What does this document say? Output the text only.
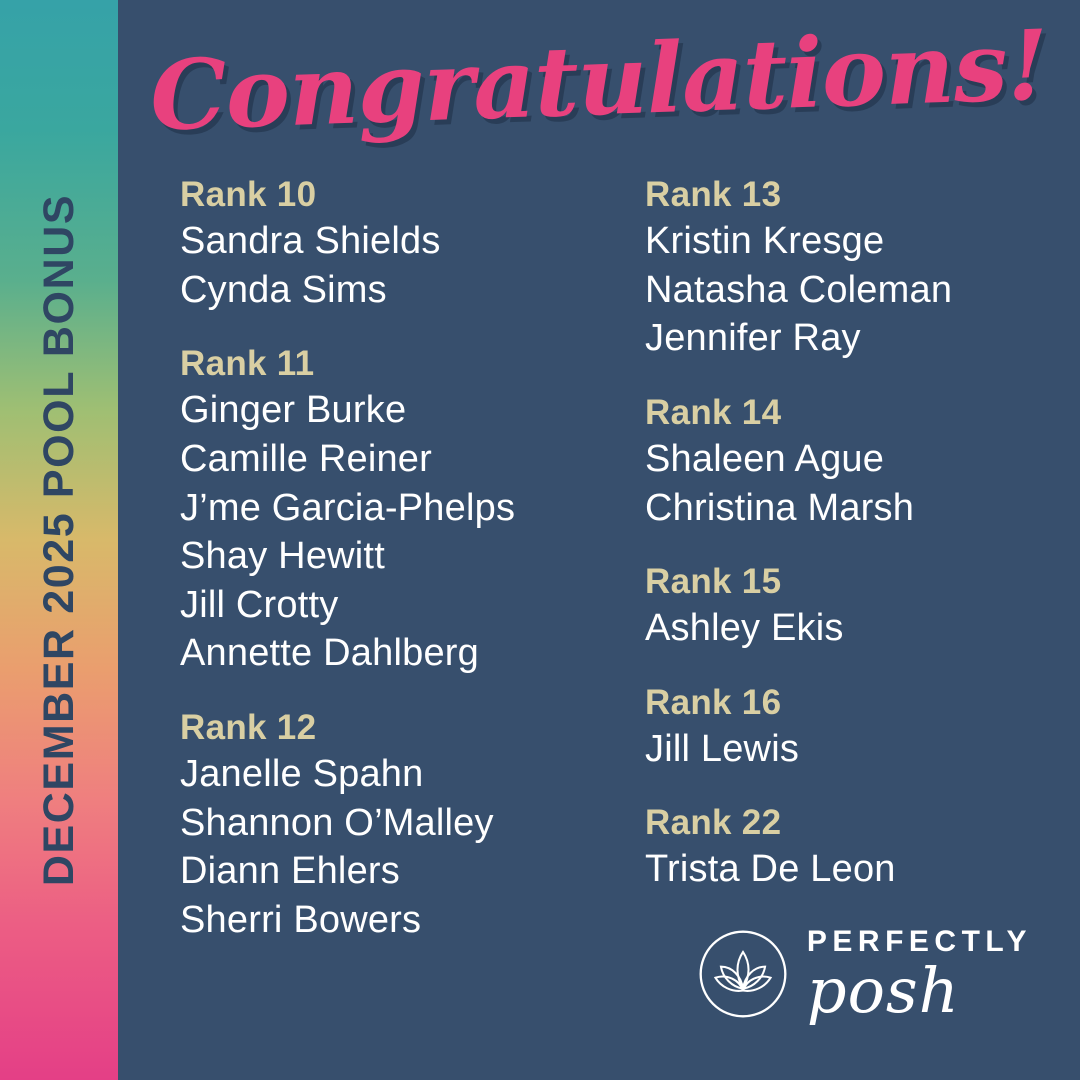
DECEMBER 2025 POOL BONUS
Congratulations!
Rank 10
Sandra Shields
Cynda Sims
Rank 11
Ginger Burke
Camille Reiner
J’me Garcia-Phelps
Shay Hewitt
Jill Crotty
Annette Dahlberg
Rank 12
Janelle Spahn
Shannon O’Malley
Diann Ehlers
Sherri Bowers
Rank 13
Kristin Kresge
Natasha Coleman
Jennifer Ray
Rank 14
Shaleen Ague
Christina Marsh
Rank 15
Ashley Ekis
Rank 16
Jill Lewis
Rank 22
Trista De Leon
PERFECTLY
posh
